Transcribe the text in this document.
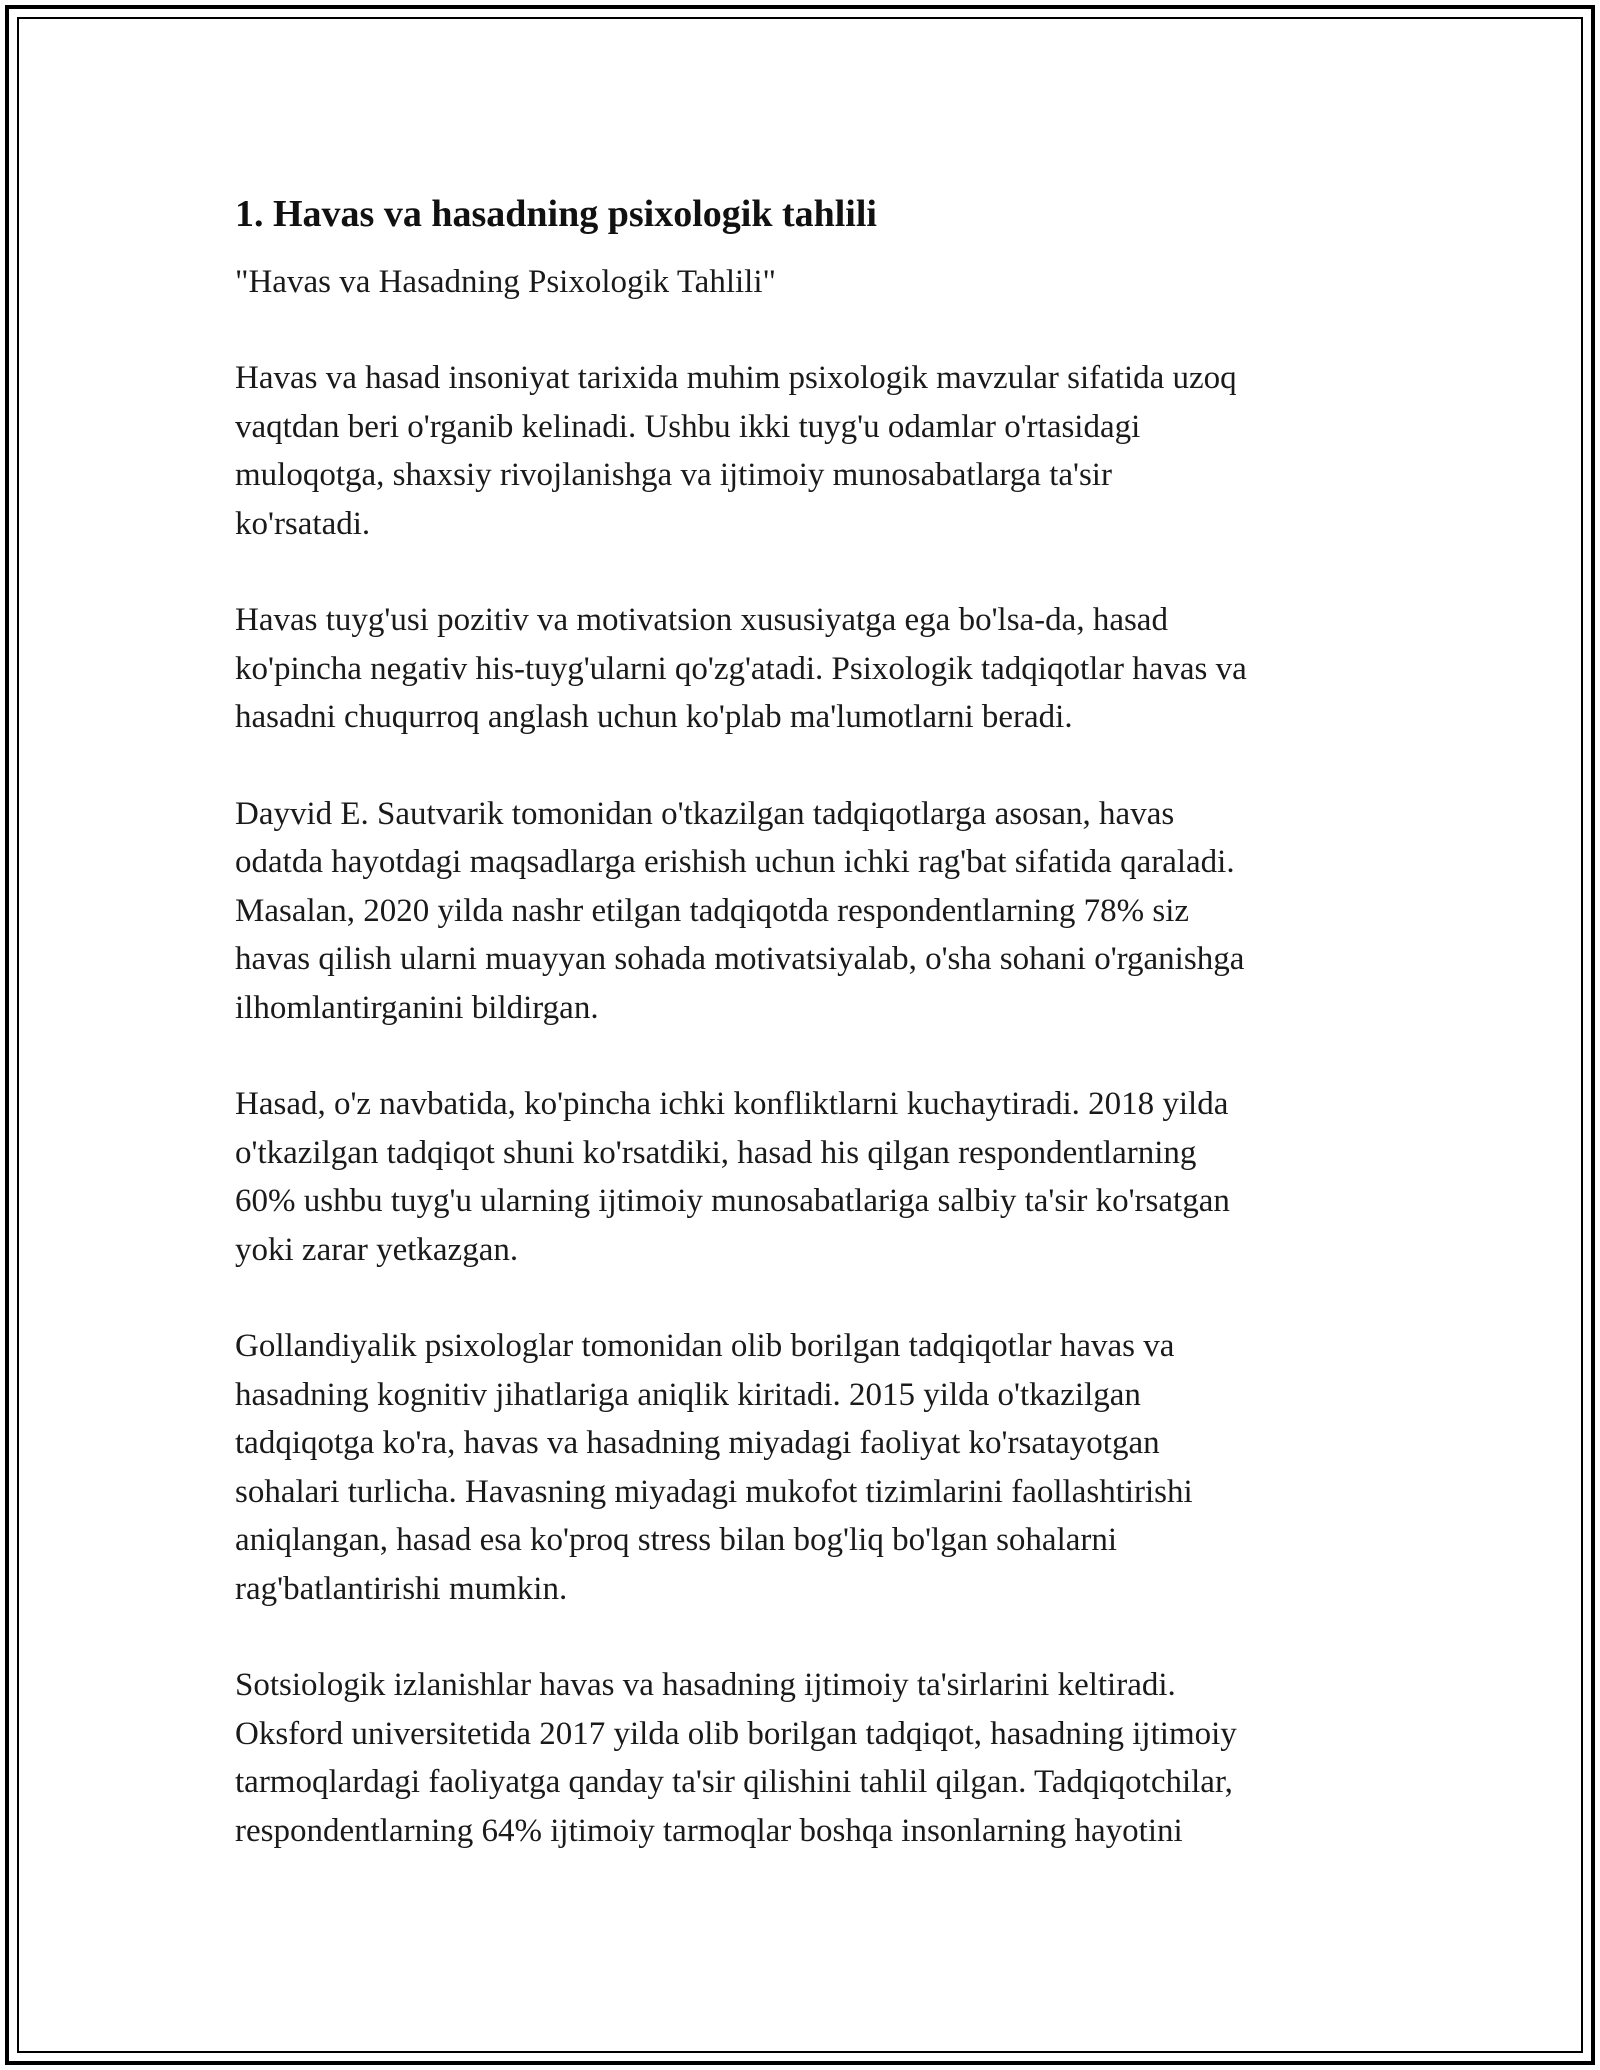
1. Havas va hasadning psixologik tahlili

"Havas va Hasadning Psixologik Tahlili"

Havas va hasad insoniyat tarixida muhim psixologik mavzular sifatida uzoq
vaqtdan beri o'rganib kelinadi. Ushbu ikki tuyg'u odamlar o'rtasidagi
muloqotga, shaxsiy rivojlanishga va ijtimoiy munosabatlarga ta'sir
ko'rsatadi.

Havas tuyg'usi pozitiv va motivatsion xususiyatga ega bo'lsa-da, hasad
ko'pincha negativ his-tuyg'ularni qo'zg'atadi. Psixologik tadqiqotlar havas va
hasadni chuqurroq anglash uchun ko'plab ma'lumotlarni beradi.

Dayvid E. Sautvarik tomonidan o'tkazilgan tadqiqotlarga asosan, havas
odatda hayotdagi maqsadlarga erishish uchun ichki rag'bat sifatida qaraladi.
Masalan, 2020 yilda nashr etilgan tadqiqotda respondentlarning 78% siz
havas qilish ularni muayyan sohada motivatsiyalab, o'sha sohani o'rganishga
ilhomlantirganini bildirgan.

Hasad, o'z navbatida, ko'pincha ichki konfliktlarni kuchaytiradi. 2018 yilda
o'tkazilgan tadqiqot shuni ko'rsatdiki, hasad his qilgan respondentlarning
60% ushbu tuyg'u ularning ijtimoiy munosabatlariga salbiy ta'sir ko'rsatgan
yoki zarar yetkazgan.

Gollandiyalik psixologlar tomonidan olib borilgan tadqiqotlar havas va
hasadning kognitiv jihatlariga aniqlik kiritadi. 2015 yilda o'tkazilgan
tadqiqotga ko'ra, havas va hasadning miyadagi faoliyat ko'rsatayotgan
sohalari turlicha. Havasning miyadagi mukofot tizimlarini faollashtirishi
aniqlangan, hasad esa ko'proq stress bilan bog'liq bo'lgan sohalarni
rag'batlantirishi mumkin.

Sotsiologik izlanishlar havas va hasadning ijtimoiy ta'sirlarini keltiradi.
Oksford universitetida 2017 yilda olib borilgan tadqiqot, hasadning ijtimoiy
tarmoqlardagi faoliyatga qanday ta'sir qilishini tahlil qilgan. Tadqiqotchilar,
respondentlarning 64% ijtimoiy tarmoqlar boshqa insonlarning hayotini
